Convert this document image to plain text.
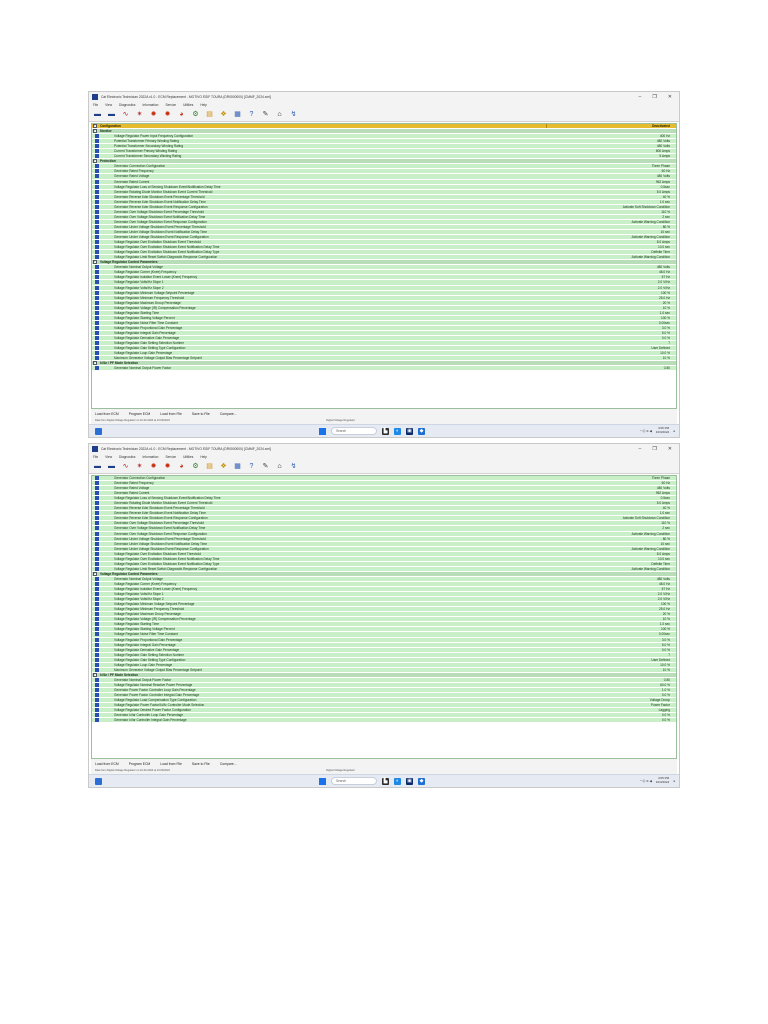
Cat Electronic Technician 2022A v1.0 - ECM Replacement - MOTIVO ESIF TOURA (DR0000000) [CMMF_2024.xml]	– ❐ ✕
File View Diagnostics Information Service Utilities Help
▬ ▬ ∿ ✶ ✹ ✹	◕	⚙ ▤ ❖ ▦	?	✎	⌂	↯
−	Configuration	Deactivated
−	Monitor
Voltage Regulator Power Input Frequency Configuration	400 Hz
Potential Transformer Primary Winding Rating	480 Volts
Potential Transformer Secondary Winding Rating	480 Volts
Current Transformer Primary Winding Rating	800 Amps
Current Transformer Secondary Winding Rating	5 Amps
−	Protection
Generator Connection Configuration	Three Phase
Generator Rated Frequency	60 Hz
Generator Rated Voltage	480 Volts
Generator Rated Current	962 Amps
Voltage Regulator Loss of Sensing Shutdown Event/Notification Delay Time	0.5sec
Generator Rotating Diode Monitor Shutdown Event Current Threshold	5.0 Amps
Generator Reverse kVar Shutdown Event Percentage Threshold	40 %
Generator Reverse kVar Shutdown Event Notification Delay Time	1.0 sec
Generator Reverse kVar Shutdown Event Response Configuration	Activate Soft Shutdown Condition
Generator Over Voltage Shutdown Event Percentage Threshold	110 %
Generator Over Voltage Shutdown Event Notification Delay Time	2 sec
Generator Over Voltage Shutdown Event Response Configuration	Activate Warning Condition
Generator Under Voltage Shutdown Event Percentage Threshold	80 %
Generator Under Voltage Shutdown Event Notification Delay Time	10 sec
Generator Under Voltage Shutdown Event Response Configuration	Activate Warning Condition
Voltage Regulator Over Excitation Shutdown Event Threshold	8.0 Amps
Voltage Regulator Over Excitation Shutdown Event Notification Delay Time	10.0 sec
Voltage Regulator Over Excitation Shutdown Event Notification Delay Type	Definite Time
Voltage Regulator Limit Reset Switch Diagnostic Response Configuration	Activate Warning Condition
−	Voltage Regulator Control Parameters
Generator Nominal Output Voltage	480 Volts
Voltage Regulator Corner (Knee) Frequency	48.0 Hz
Voltage Regulator Isolation Event Lower (Knee) Frequency	57 Hz
Voltage Regulator Volts/Hz Slope 1	2.0 V/Hz
Voltage Regulator Volts/Hz Slope 2	2.0 V/Hz
Voltage Regulator Minimum Voltage Setpoint Percentage	100 %
Voltage Regulator Minimum Frequency Threshold	25.0 Hz
Voltage Regulator Maximum Droop Percentage	20 %
Voltage Regulator Voltage (IR) Compensation Percentage	10 %
Voltage Regulator Starting Time	1.0 sec
Voltage Regulator Starting Voltage Percent	100 %
Voltage Regulator Noise Filter Time Constant	0.00sec
Voltage Regulator Proportional Gain Percentage	3.0 %
Voltage Regulator Integral Gain Percentage	5.0 %
Voltage Regulator Derivative Gain Percentage	0.0 %
Voltage Regulator Gain Setting Selection Number	7
Voltage Regulator Gain Setting Type Configuration	User Defined
Voltage Regulator Loop Gain Percentage	10.0 %
Maximum Generator Voltage Output Bias Percentage Setpoint	10 %
−	kVAr / PF Mode Selection
Generator Nominal Output Power Factor	0.80
Load from ECM	Program ECM	Load from File	Save to File	Compare...
Data from Digital Voltage Regulator on 10-03-2024 at 10:03/2024	Digital Voltage Regulator
Search	▙	◐	▣	◆	^ ⦿ ≋ ◀
4:05 PM
10/3/2024 ●
Cat Electronic Technician 2022A v1.0 - ECM Replacement - MOTIVO ESIF TOURA (DR0000000) [CMMF_2024.xml]	– ❐ ✕
File View Diagnostics Information Service Utilities Help
▬ ▬ ∿ ✶ ✹ ✹	◕	⚙ ▤ ❖ ▦	?	✎	⌂	↯
Generator Connection Configuration	Three Phase
Generator Rated Frequency	60 Hz
Generator Rated Voltage	480 Volts
Generator Rated Current	962 Amps
Voltage Regulator Loss of Sensing Shutdown Event/Notification Delay Time	0.5sec
Generator Rotating Diode Monitor Shutdown Event Current Threshold	5.0 Amps
Generator Reverse kVar Shutdown Event Percentage Threshold	40 %
Generator Reverse kVar Shutdown Event Notification Delay Time	1.0 sec
Generator Reverse kVar Shutdown Event Response Configuration	Activate Soft Shutdown Condition
Generator Over Voltage Shutdown Event Percentage Threshold	110 %
Generator Over Voltage Shutdown Event Notification Delay Time	2 sec
Generator Over Voltage Shutdown Event Response Configuration	Activate Warning Condition
Generator Under Voltage Shutdown Event Percentage Threshold	80 %
Generator Under Voltage Shutdown Event Notification Delay Time	10 sec
Generator Under Voltage Shutdown Event Response Configuration	Activate Warning Condition
Voltage Regulator Over Excitation Shutdown Event Threshold	8.0 Amps
Voltage Regulator Over Excitation Shutdown Event Notification Delay Time	10.0 sec
Voltage Regulator Over Excitation Shutdown Event Notification Delay Type	Definite Time
Voltage Regulator Limit Reset Switch Diagnostic Response Configuration	Activate Warning Condition
−	Voltage Regulator Control Parameters
Generator Nominal Output Voltage	480 Volts
Voltage Regulator Corner (Knee) Frequency	48.0 Hz
Voltage Regulator Isolation Event Lower (Knee) Frequency	57 Hz
Voltage Regulator Volts/Hz Slope 1	2.0 V/Hz
Voltage Regulator Volts/Hz Slope 2	2.0 V/Hz
Voltage Regulator Minimum Voltage Setpoint Percentage	100 %
Voltage Regulator Minimum Frequency Threshold	25.0 Hz
Voltage Regulator Maximum Droop Percentage	20 %
Voltage Regulator Voltage (IR) Compensation Percentage	10 %
Voltage Regulator Starting Time	1.0 sec
Voltage Regulator Starting Voltage Percent	100 %
Voltage Regulator Noise Filter Time Constant	0.00sec
Voltage Regulator Proportional Gain Percentage	3.0 %
Voltage Regulator Integral Gain Percentage	5.0 %
Voltage Regulator Derivative Gain Percentage	0.0 %
Voltage Regulator Gain Setting Selection Number	7
Voltage Regulator Gain Setting Type Configuration	User Defined
Voltage Regulator Loop Gain Percentage	10.0 %
Maximum Generator Voltage Output Bias Percentage Setpoint	10 %
−	kVAr / PF Mode Selection
Generator Nominal Output Power Factor	0.80
Voltage Regulator Nominal Reactive Power Percentage	60.0 %
Generator Power Factor Controller Loop Gain Percentage	1.0 %
Generator Power Factor Controller Integral Gain Percentage	0.0 %
Voltage Regulator Load Compensation Type Configuration	Voltage Droop
Voltage Regulator Power Factor/kVAr Controller Mode Selection	Power Factor
Voltage Regulator Desired Power Factor Configuration	Lagging
Generator kVar Controller Loop Gain Percentage	0.0 %
Generator kVar Controller Integral Gain Percentage	0.0 %
Load from ECM	Program ECM	Load from File	Save to File	Compare...
Data from Digital Voltage Regulator on 10-03-2024 at 10:03/2024	Digital Voltage Regulator
Search	▙	◐	▣	◆	^ ⦿ ≋ ◀
4:05 PM
10/3/2024 ●
